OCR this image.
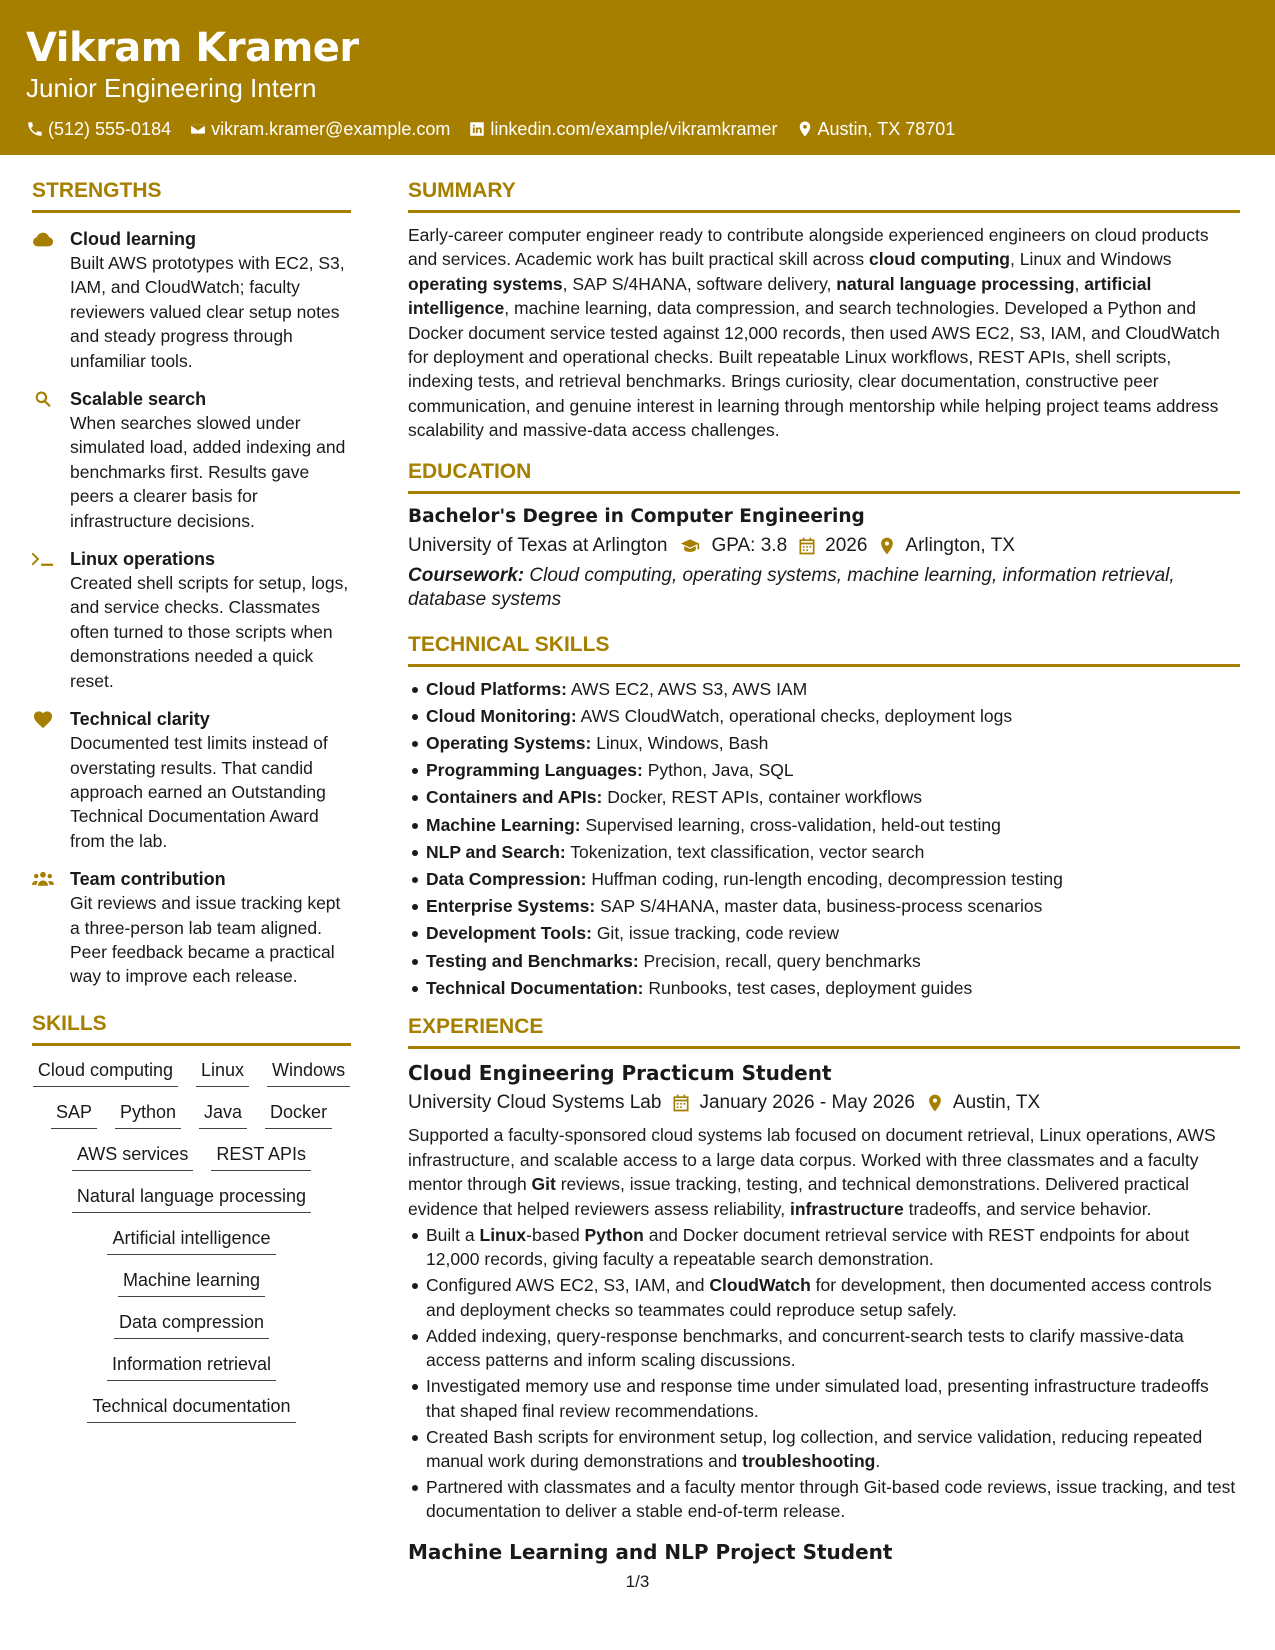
Vikram Kramer
Junior Engineering Intern
(512) 555-0184 vikram.kramer@example.com linkedin.com/example/vikramkramer Austin, TX 78701
STRENGTHS
Cloud learning
Built AWS prototypes with EC2, S3, IAM, and CloudWatch; faculty reviewers valued clear setup notes and steady progress through unfamiliar tools.
Scalable search
When searches slowed under simulated load, added indexing and benchmarks first. Results gave peers a clearer basis for infrastructure decisions.
Linux operations
Created shell scripts for setup, logs, and service checks. Classmates often turned to those scripts when demonstrations needed a quick reset.
Technical clarity
Documented test limits instead of overstating results. That candid approach earned an Outstanding Technical Documentation Award from the lab.
Team contribution
Git reviews and issue tracking kept a three-person lab team aligned. Peer feedback became a practical way to improve each release.
SKILLS
Cloud computing Linux Windows
SAP Python Java Docker
AWS services REST APIs
Natural language processing
Artificial intelligence
Machine learning
Data compression
Information retrieval
Technical documentation
SUMMARY
Early-career computer engineer ready to contribute alongside experienced engineers on cloud products and services. Academic work has built practical skill across cloud computing, Linux and Windows operating systems, SAP S/4HANA, software delivery, natural language processing, artificial intelligence, machine learning, data compression, and search technologies. Developed a Python and Docker document service tested against 12,000 records, then used AWS EC2, S3, IAM, and CloudWatch for deployment and operational checks. Built repeatable Linux workflows, REST APIs, shell scripts, indexing tests, and retrieval benchmarks. Brings curiosity, clear documentation, constructive peer communication, and genuine interest in learning through mentorship while helping project teams address scalability and massive-data access challenges.
EDUCATION
Bachelor's Degree in Computer Engineering
University of Texas at Arlington GPA: 3.8 2026 Arlington, TX
Coursework: Cloud computing, operating systems, machine learning, information retrieval, database systems
TECHNICAL SKILLS
Cloud Platforms: AWS EC2, AWS S3, AWS IAM
Cloud Monitoring: AWS CloudWatch, operational checks, deployment logs
Operating Systems: Linux, Windows, Bash
Programming Languages: Python, Java, SQL
Containers and APIs: Docker, REST APIs, container workflows
Machine Learning: Supervised learning, cross-validation, held-out testing
NLP and Search: Tokenization, text classification, vector search
Data Compression: Huffman coding, run-length encoding, decompression testing
Enterprise Systems: SAP S/4HANA, master data, business-process scenarios
Development Tools: Git, issue tracking, code review
Testing and Benchmarks: Precision, recall, query benchmarks
Technical Documentation: Runbooks, test cases, deployment guides
EXPERIENCE
Cloud Engineering Practicum Student
University Cloud Systems Lab January 2026 - May 2026 Austin, TX
Supported a faculty-sponsored cloud systems lab focused on document retrieval, Linux operations, AWS infrastructure, and scalable access to a large data corpus. Worked with three classmates and a faculty mentor through Git reviews, issue tracking, testing, and technical demonstrations. Delivered practical evidence that helped reviewers assess reliability, infrastructure tradeoffs, and service behavior.
Built a Linux-based Python and Docker document retrieval service with REST endpoints for about 12,000 records, giving faculty a repeatable search demonstration.
Configured AWS EC2, S3, IAM, and CloudWatch for development, then documented access controls and deployment checks so teammates could reproduce setup safely.
Added indexing, query-response benchmarks, and concurrent-search tests to clarify massive-data access patterns and inform scaling discussions.
Investigated memory use and response time under simulated load, presenting infrastructure tradeoffs that shaped final review recommendations.
Created Bash scripts for environment setup, log collection, and service validation, reducing repeated manual work during demonstrations and troubleshooting.
Partnered with classmates and a faculty mentor through Git-based code reviews, issue tracking, and test documentation to deliver a stable end-of-term release.
Machine Learning and NLP Project Student
1/3
